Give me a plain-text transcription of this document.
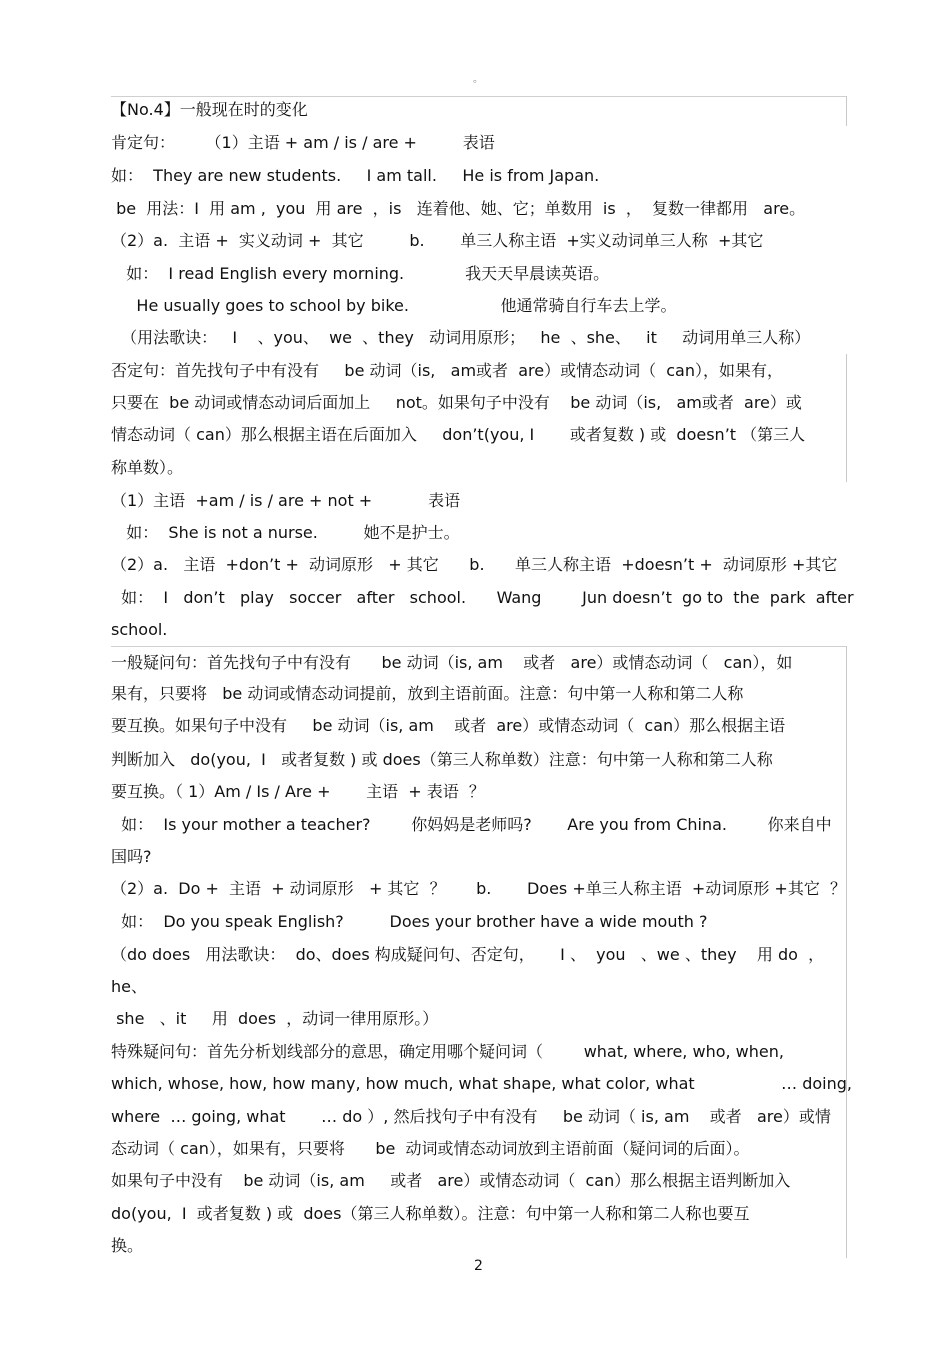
。
【No.4】一般现在时的变化
肯定句：      （1）主语 + am / is / are +         表语
如：  They are new students.     I am tall.     He is from Japan.
be  用法：I  用 am ,  you  用 are  ，is   连着他、她、它；单数用  is  ，  复数一律都用   are。
（2）a.  主语 +  实义动词 +  其它         b.       单三人称主语  +实义动词单三人称  +其它
如：  I read English every morning.            我天天早晨读英语。
He usually goes to school by bike.                  他通常骑自行车去上学。
（用法歌诀：   I    、you、  we  、they   动词用原形；   he  、she、   it     动词用单三人称）
否定句：首先找句子中有没有     be 动词（is,   am或者  are）或情态动词（  can），如果有，
只要在  be 动词或情态动词后面加上     not。如果句子中没有    be 动词（is,   am或者  are）或
情态动词（ can）那么根据主语在后面加入     don’t(you, I       或者复数 ) 或  doesn’t （第三人
称单数）。
（1）主语  +am / is / are + not +           表语
如：  She is not a nurse.         她不是护士。
（2）a.   主语  +don’t +  动词原形   + 其它      b.      单三人称主语  +doesn’t +  动词原形 +其它
如：  I   don’t   play   soccer   after   school.      Wang        Jun doesn’t  go to  the  park  after
school.
一般疑问句：首先找句子中有没有      be 动词（is, am    或者   are）或情态动词（   can），如
果有，只要将   be 动词或情态动词提前，放到主语前面。注意：句中第一人称和第二人称
要互换。如果句子中没有     be 动词（is, am    或者  are）或情态动词（  can）那么根据主语
判断加入   do(you,  I   或者复数 ) 或 does（第三人称单数）注意：句中第一人称和第二人称
要互换。（ 1）Am / Is / Are +       主语  + 表语  ？
如：  Is your mother a teacher?        你妈妈是老师吗?       Are you from China.        你来自中
国吗?
（2）a.  Do +  主语  + 动词原形   + 其它  ？      b.       Does +单三人称主语  +动词原形 +其它  ？
如：  Do you speak English?         Does your brother have a wide mouth ?
（do does   用法歌诀：  do、does 构成疑问句、否定句，     I 、  you   、we 、they    用 do  ，
he、
she   、it     用  does  ，动词一律用原形。）
特殊疑问句：首先分析划线部分的意思，确定用哪个疑问词（        what, where, who, when,
which, whose, how, how many, how much, what shape, what color, what                 … doing,
where  … going, what       … do ）, 然后找句子中有没有     be 动词（ is, am    或者   are）或情
态动词（ can），如果有，只要将      be  动词或情态动词放到主语前面（疑问词的后面）。
如果句子中没有    be 动词（is, am     或者   are）或情态动词（  can）那么根据主语判断加入
do(you,  I  或者复数 ) 或  does（第三人称单数）。注意：句中第一人称和第二人称也要互
换。
2
